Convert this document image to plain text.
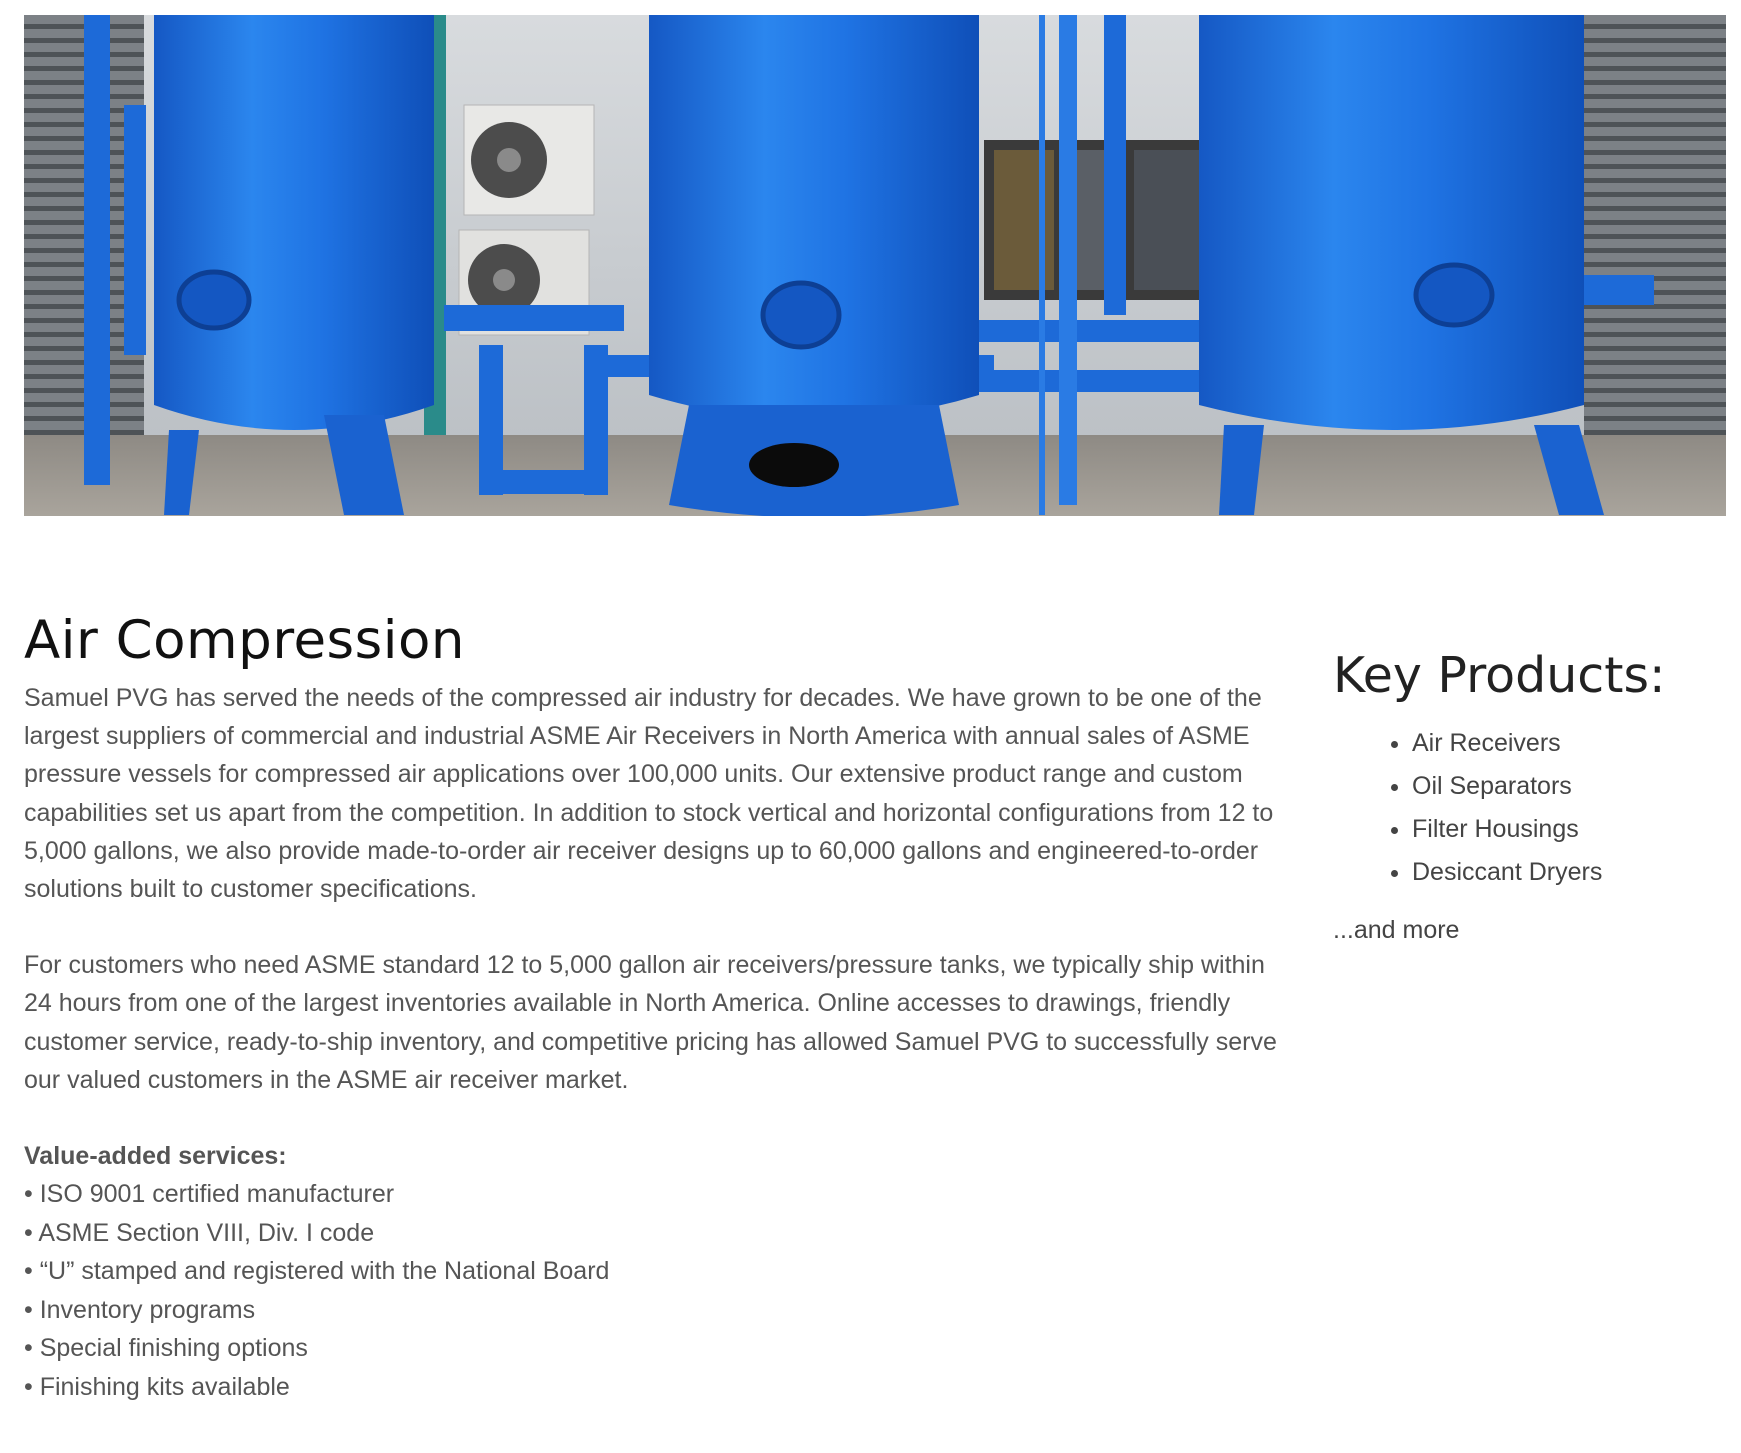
Air Compression

Samuel PVG has served the needs of the compressed air industry for decades. We have grown to be one of the largest suppliers of commercial and industrial ASME Air Receivers in North America with annual sales of ASME pressure vessels for compressed air applications over 100,000 units. Our extensive product range and custom capabilities set us apart from the competition. In addition to stock vertical and horizontal configurations from 12 to 5,000 gallons, we also provide made-to-order air receiver designs up to 60,000 gallons and engineered-to-order solutions built to customer specifications.

For customers who need ASME standard 12 to 5,000 gallon air receivers/pressure tanks, we typically ship within 24 hours from one of the largest inventories available in North America. Online accesses to drawings, friendly customer service, ready-to-ship inventory, and competitive pricing has allowed Samuel PVG to successfully serve our valued customers in the ASME air receiver market.

Value-added services:

• ISO 9001 certified manufacturer
• ASME Section VIII, Div. I code
• “U” stamped and registered with the National Board
• Inventory programs
• Special finishing options
• Finishing kits available
Key Products:
• Air Receivers
• Oil Separators
• Filter Housings
• Desiccant Dryers

...and more
